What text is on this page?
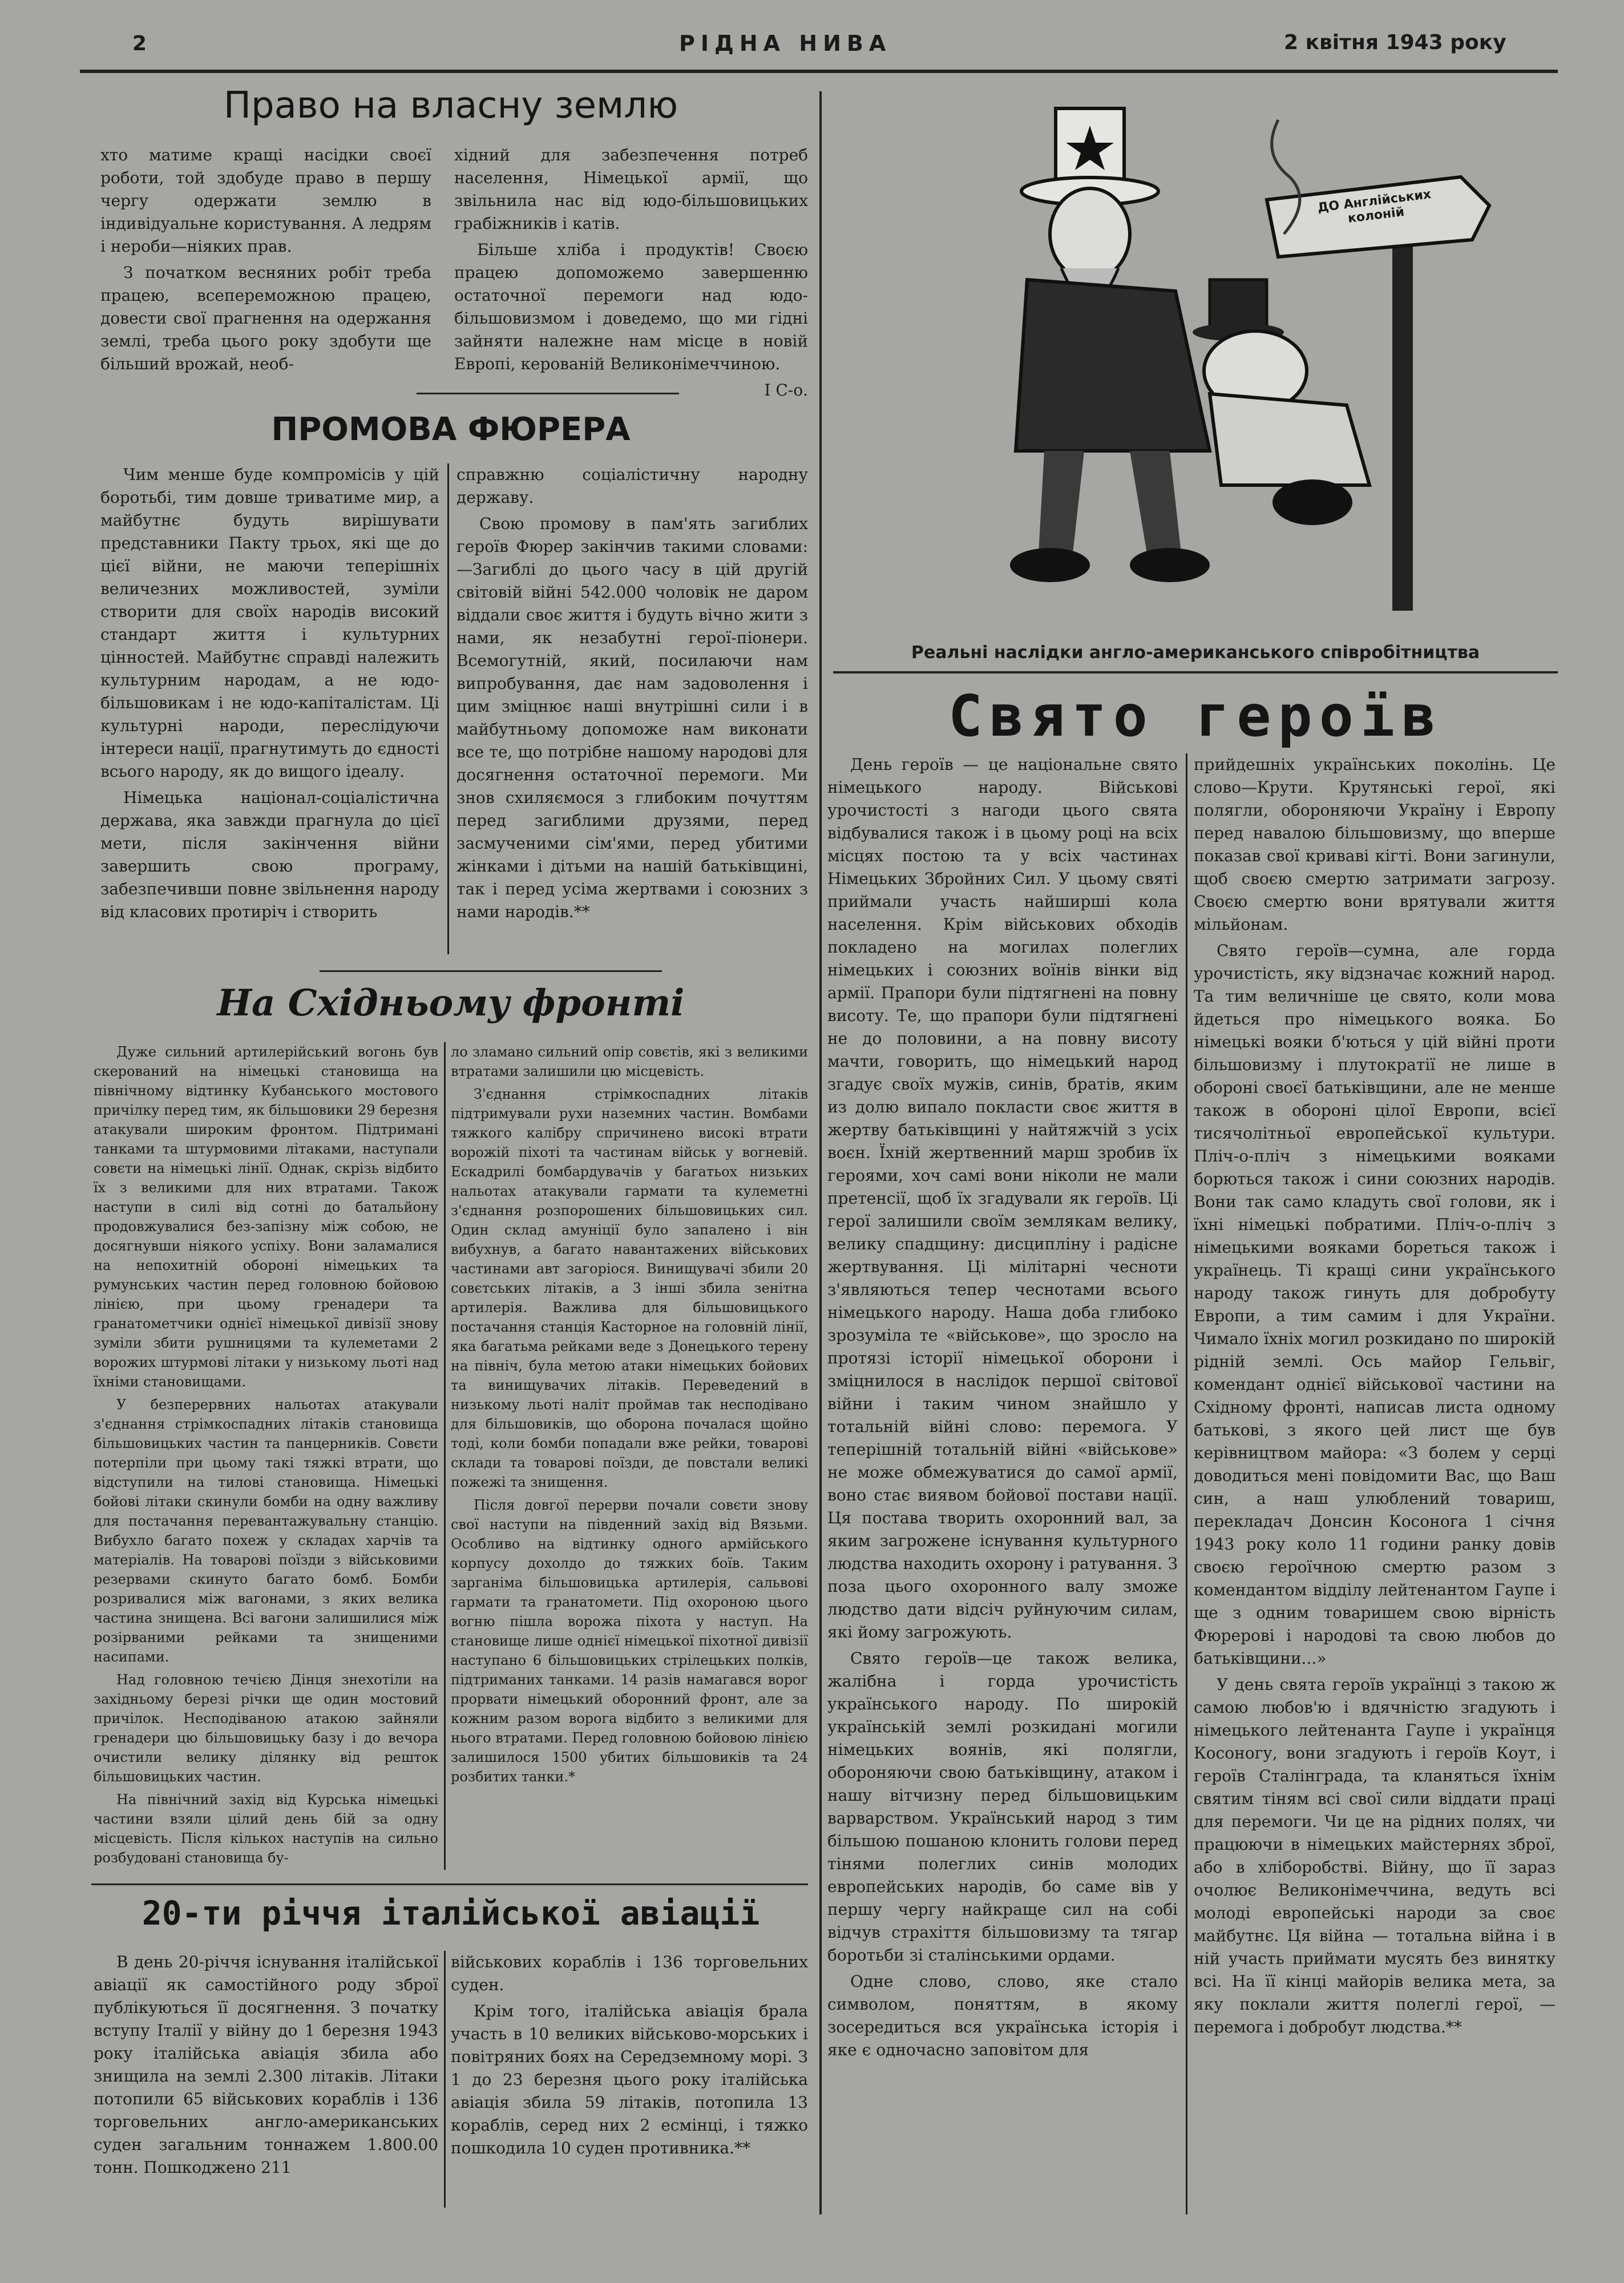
2	РІДНА НИВА	2 квітня 1943 року
Право на власну землю

хто матиме кращі насідки своєї роботи, той здобуде право в першу чергу одержати землю в індивідуальне користування. А ледрям і нероби—ніяких прав.

З початком весняних робіт треба працею, всепереможною працею, довести свої прагнення на одержання землі, треба цього року здобути ще більший врожай, необ-

хідний для забезпечення потреб населення, Німецької армії, що звільнила нас від юдо-більшовицьких грабіжників і катів.

Більше хліба і продуктів! Своєю працею допоможемо завершенню остаточної перемоги над юдо-більшовизмом і доведемо, що ми гідні зайняти належне нам місце в новій Европі, керованій Великонімеччиною.

І С-о.

ПРОМОВА ФЮРЕРА

Чим менше буде компромісів у цій боротьбі, тим довше триватиме мир, а майбутнє будуть вирішувати представники Пакту трьох, які ще до цієї війни, не маючи теперішніх величезних можливостей, зуміли створити для своїх народів високий стандарт життя і культурних цінностей. Майбутнє справді належить культурним народам, а не юдо-більшовикам і не юдо-капіталістам. Ці культурні народи, переслідуючи інтереси нації, прагнутимуть до єдності всього народу, як до вищого ідеалу.

Німецька націонал-соціалістична держава, яка завжди прагнула до цієї мети, після закінчення війни завершить свою програму, забезпечивши повне звільнення народу від класових протиріч і створить

справжню соціалістичну народну державу.

Свою промову в пам'ять загиблих героїв Фюрер закінчив такими словами:—Загиблі до цього часу в цій другій світовій війні 542.000 чоловік не даром віддали своє життя і будуть вічно жити з нами, як незабутні герої-піонери. Всемогутній, який, посилаючи нам випробування, дає нам задоволення і цим зміцнює наші внутрішні сили і в майбутньому допоможе нам виконати все те, що потрібне нашому народові для досягнення остаточної перемоги. Ми знов схиляємося з глибоким почуттям перед загиблими друзями, перед засмученими сім'ями, перед убитими жінками і дітьми на нашій батьківщині, так і перед усіма жертвами і союзних з нами народів.**

На Східньому фронті

Дуже сильний артилерійський вогонь був скерований на німецькі становища на північному відтинку Кубанського мостового причілку перед тим, як більшовики 29 березня атакували широким фронтом. Підтримані танками та штурмовими літаками, наступали совєти на німецькі лінії. Однак, скрізь відбито їх з великими для них втратами. Також наступи в силі від сотні до батальйону продовжувалися без-запізну між собою, не досягнувши ніякого успіху. Вони заламалися на непохитній обороні німецьких та румунських частин перед головною бойовою лінією, при цьому гренадери та гранатометчики однієї німецької дивізії знову зуміли збити рушницями та кулеметами 2 ворожих штурмові літаки у низькому льоті над їхніми становищами.

У безперервних нальотах атакували з'єднання стрімкоспадних літаків становища більшовицьких частин та панцерників. Совєти потерпіли при цьому такі тяжкі втрати, що відступили на тилові становища. Німецькі бойові літаки скинули бомби на одну важливу для постачання перевантажувальну станцію. Вибухло багато похеж у складах харчів та матеріалів. На товарові поїзди з військовими резервами скинуто багато бомб. Бомби розривалися між вагонами, з яких велика частина знищена. Всі вагони залишилися між розірваними рейками та знищеними насипами.

Над головною течією Дінця знехотіли на західньому березі річки ще один мостовий причілок. Несподіваною атакою зайняли гренадери цю більшовицьку базу і до вечора очистили велику ділянку від решток більшовицьких частин.

На північний захід від Курська німецькі частини взяли цілий день бій за одну місцевість. Після кількох наступів на сильно розбудовані становища бу-

ло зламано сильний опір совєтів, які з великими втратами залишили цю місцевість.

З'єднання стрімкоспадних літаків підтримували рухи наземних частин. Вомбами тяжкого калібру спричинено високі втрати ворожій піхоті та частинам військ у вогневій. Ескадрилі бомбардувачів у багатьох низьких нальотах атакували гармати та кулеметні з'єднання розпорошених більшовицьких сил. Один склад амуніції було запалено і він вибухнув, а багато навантажених військових частинами авт загоріося. Винищувачі збили 20 совєтських літаків, а 3 інші збила зенітна артилерія. Важлива для більшовицького постачання станція Касторное на головній лінії, яка багатьма рейками веде з Донецького терену на північ, була метою атаки німецьких бойових та винищувачих літаків. Переведений в низькому льоті наліт проймав так несподівано для більшовиків, що оборона почалася щойно тоді, коли бомби попадали вже рейки, товарові склади та товарові поїзди, де повстали великі пожежі та знищення.

Після довгої перерви почали совєти знову свої наступи на південний захід від Вязьми. Особливо на відтинку одного армійського корпусу дохолдо до тяжких боїв. Таким зарганіма більшовицька артилерія, сальвові гармати та гранатомети. Під охороною цього вогню пішла ворожа піхота у наступ. На становище лише однієї німецької піхотної дивізії наступано 6 більшовицьких стрілецьких полків, підтриманих танками. 14 разів намагався ворог прорвати німецький оборонний фронт, але за кожним разом ворога відбито з великими для нього втратами. Перед головною бойовою лінією залишилося 1500 убитих більшовиків та 24 розбитих танки.*

20-ти річчя італійської авіації

В день 20-річчя існування італійської авіації як самостійного роду зброї публікуються її досягнення. З початку вступу Італії у війну до 1 березня 1943 року італійська авіація збила або знищила на землі 2.300 літаків. Літаки потопили 65 військових кораблів і 136 торговельних англо-американських суден загальним тоннажем 1.800.00 тонн. Пошкоджено 211

військових кораблів і 136 торговельних суден.

Крім того, італійська авіація брала участь в 10 великих військово-морських і повітряних боях на Середземному морі. З 1 до 23 березня цього року італійська авіація збила 59 літаків, потопила 13 кораблів, серед них 2 есмінці, і тяжко пошкодила 10 суден противника.**

ДО Англійських колоній
Реальні наслідки англо-американського співробітництва
Свято героїв

День героїв — це національне свято німецького народу. Військові урочистості з нагоди цього свята відбувалися також і в цьому році на всіх місцях постою та у всіх частинах Німецьких Збройних Сил. У цьому святі приймали участь найширші кола населення. Крім військових обходів покладено на могилах полеглих німецьких і союзних воїнів вінки від армії. Прапори були підтягнені на повну висоту. Те, що прапори були підтягнені не до половини, а на повну висоту мачти, говорить, що німецький народ згадує своїх мужів, синів, братів, яким из долю випало покласти своє життя в жертву батьківщині у найтяжчій з усіх воєн. Їхній жертвенний марш зробив їх героями, хоч самі вони ніколи не мали претенсії, щоб їх згадували як героїв. Ці герої залишили своїм землякам велику, велику спадщину: дисципліну і радісне жертвування. Ці мілітарні чесноти з'являються тепер чеснотами всього німецького народу. Наша доба глибоко зрозуміла те «військове», що зросло на протязі історії німецької оборони і зміцнилося в наслідок першої світової війни і таким чином знайшло у тотальній війні слово: перемога. У теперішній тотальній війні «військове» не може обмежуватися до самої армії, воно стає виявом бойової постави нації. Ця постава творить охоронний вал, за яким загрожене існування культурного людства находить охорону і ратування. З поза цього охоронного валу зможе людство дати відсіч руйнуючим силам, які йому загрожують.

Свято героїв—це також велика, жалібна і горда урочистість українського народу. По широкій українській землі розкидані могили німецьких воянів, які полягли, обороняючи свою батьківщину, атаком і нашу вітчизну перед більшовицьким варварством. Український народ з тим більшою пошаною клонить голови перед тінями полеглих синів молодих европейських народів, бо саме вів у першу чергу найкраще сил на собі відчув страхіття більшовизму та тягар боротьби зі сталінськими ордами.

Одне слово, слово, яке стало символом, поняттям, в якому зосередиться вся українська історія і яке є одночасно заповітом для

прийдешніх українських поколінь. Це слово—Крути. Крутянські герої, які полягли, обороняючи Україну і Европу перед навалою більшовизму, що вперше показав свої криваві кігті. Вони загинули, щоб своєю смертю затримати загрозу. Своєю смертю вони врятували життя мільйонам.

Свято героїв—сумна, але горда урочистість, яку відзначає кожний народ. Та тим величніше це свято, коли мова йдеться про німецького вояка. Бо німецькі вояки б'ються у цій війні проти більшовизму і плутократії не лише в обороні своєї батьківщини, але не менше також в обороні цілої Европи, всієї тисячолітньої европейської культури. Пліч-о-пліч з німецькими вояками борються також і сини союзних народів. Вони так само кладуть свої голови, як і їхні німецькі побратими. Пліч-о-пліч з німецькими вояками бореться також і українець. Ті кращі сини українського народу також гинуть для добробуту Европи, а тим самим і для України. Чимало їхніх могил розкидано по широкій рідній землі. Ось майор Гельвіг, комендант однієї військової частини на Східному фронті, написав листа одному батькові, з якого цей лист ще був керівництвом майора: «З болем у серці доводиться мені повідомити Вас, що Ваш син, а наш улюблений товариш, перекладач Донсин Косонога 1 січня 1943 року коло 11 години ранку довів своєю героїчною смертю разом з комендантом відділу лейтенантом Гаупе і ще з одним товаришем свою вірність Фюрерові і народові та свою любов до батьківщини...»

У день свята героїв українці з такою ж самою любов'ю і вдячністю згадують і німецького лейтенанта Гаупе і українця Косоногу, вони згадують і героїв Коут, і героїв Сталінграда, та кланяться їхнім святим тіням всі свої сили віддати праці для перемоги. Чи це на рідних полях, чи працюючи в німецьких майстернях зброї, або в хліборобстві. Війну, що її зараз очолює Великонімеччина, ведуть всі молоді европейські народи за своє майбутнє. Ця війна — тотальна війна і в ній участь приймати мусять без винятку всі. На її кінці майорів велика мета, за яку поклали життя полеглі герої, — перемога і добробут людства.**
